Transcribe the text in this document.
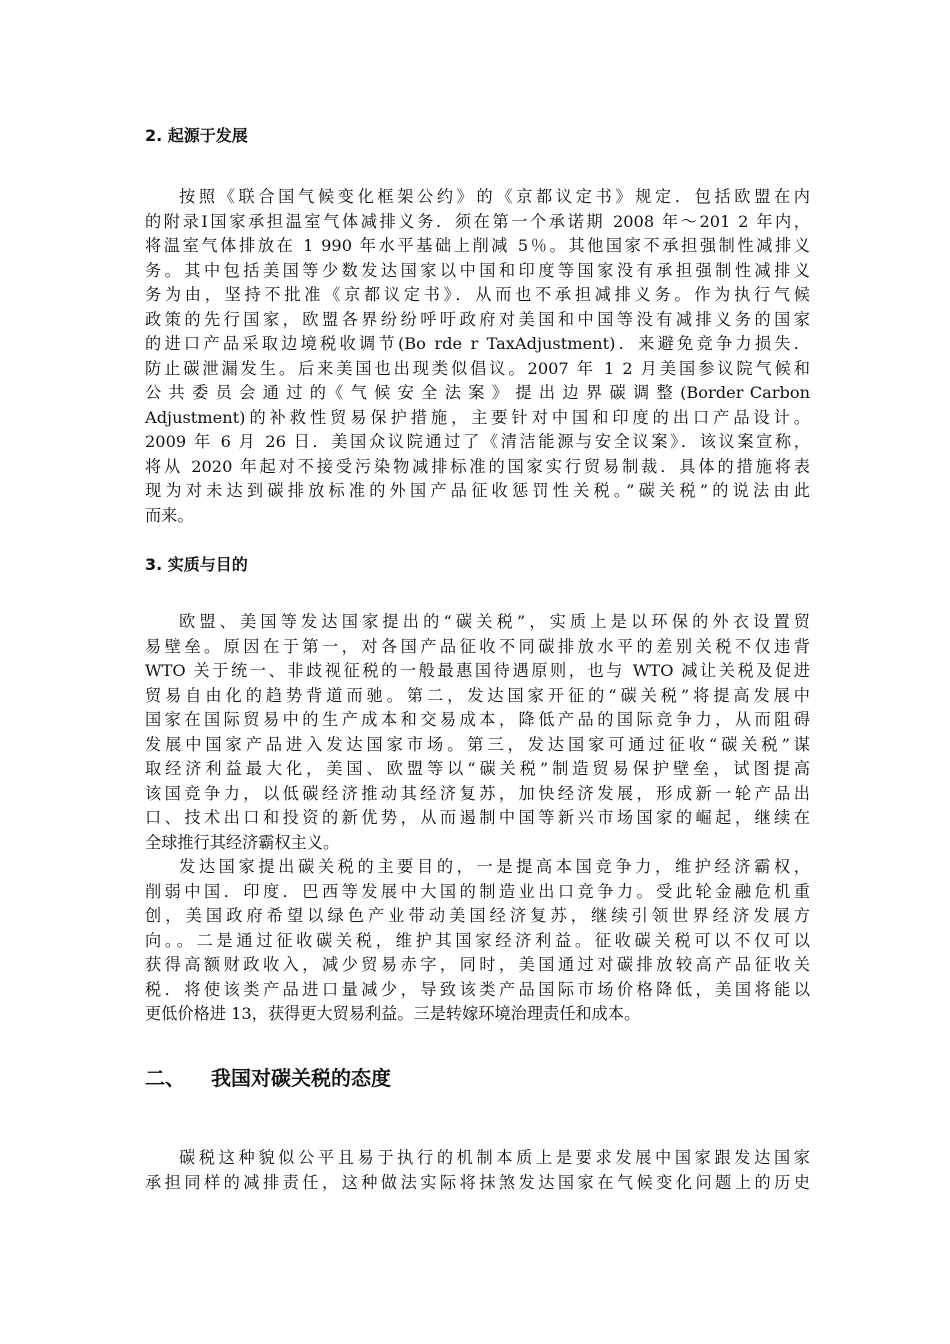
2. 起源于发展

按照《联合国气候变化框架公约》的《京都议定书》规定．包括欧盟在内
的附录Ⅰ国家承担温室气体减排义务．须在第一个承诺期 2008 年～201 2 年内，
将温室气体排放在 1 990 年水平基础上削减 5％。其他国家不承担强制性减排义
务。其中包括美国等少数发达国家以中国和印度等国家没有承担强制性减排义
务为由，坚持不批准《京都议定书》．从而也不承担减排义务。作为执行气候
政策的先行国家，欧盟各界纷纷呼吁政府对美国和中国等没有减排义务的国家
的进口产品采取边境税收调节(Bo rde r TaxAdjustment)．来避免竞争力损失．
防止碳泄漏发生。后来美国也出现类似倡议。2007 年 1 2 月美国参议院气候和
公 共 委 员 会 通 过 的《 气 候 安 全 法 案 》 提 出 边 界 碳 调 整 (Border Carbon
Adjustment)的补救性贸易保护措施，主要针对中国和印度的出口产品设计。
2009 年 6 月 26 日．美国众议院通过了《清洁能源与安全议案》．该议案宣称，
将从 2020 年起对不接受污染物减排标准的国家实行贸易制裁．具体的措施将表
现为对未达到碳排放标准的外国产品征收惩罚性关税。”碳关税”的说法由此
而来。

3. 实质与目的

欧盟、美国等发达国家提出的“碳关税”，实质上是以环保的外衣设置贸
易壁垒。原因在于第一，对各国产品征收不同碳排放水平的差别关税不仅违背
WTO 关于统一、非歧视征税的一般最惠国待遇原则，也与 WTO 减让关税及促进
贸易自由化的趋势背道而驰。第二，发达国家开征的“碳关税”将提高发展中
国家在国际贸易中的生产成本和交易成本，降低产品的国际竞争力，从而阻碍
发展中国家产品进入发达国家市场。第三，发达国家可通过征收“碳关税”谋
取经济利益最大化，美国、欧盟等以“碳关税”制造贸易保护壁垒，试图提高
该国竞争力，以低碳经济推动其经济复苏，加快经济发展，形成新一轮产品出
口、技术出口和投资的新优势，从而遏制中国等新兴市场国家的崛起，继续在
全球推行其经济霸权主义。

发达国家提出碳关税的主要目的，一是提高本国竞争力，维护经济霸权，
削弱中国．印度．巴西等发展中大国的制造业出口竞争力。受此轮金融危机重
创，美国政府希望以绿色产业带动美国经济复苏，继续引领世界经济发展方
向。。二是通过征收碳关税，维护其国家经济利益。征收碳关税可以不仅可以
获得高额财政收入，减少贸易赤字，同时，美国通过对碳排放较高产品征收关
税．将使该类产品进口量减少，导致该类产品国际市场价格降低，美国将能以
更低价格进 13，获得更大贸易利益。三是转嫁环境治理责任和成本。

二、 我国对碳关税的态度

碳税这种貌似公平且易于执行的机制本质上是要求发展中国家跟发达国家
承担同样的减排责任，这种做法实际将抹煞发达国家在气候变化问题上的历史
